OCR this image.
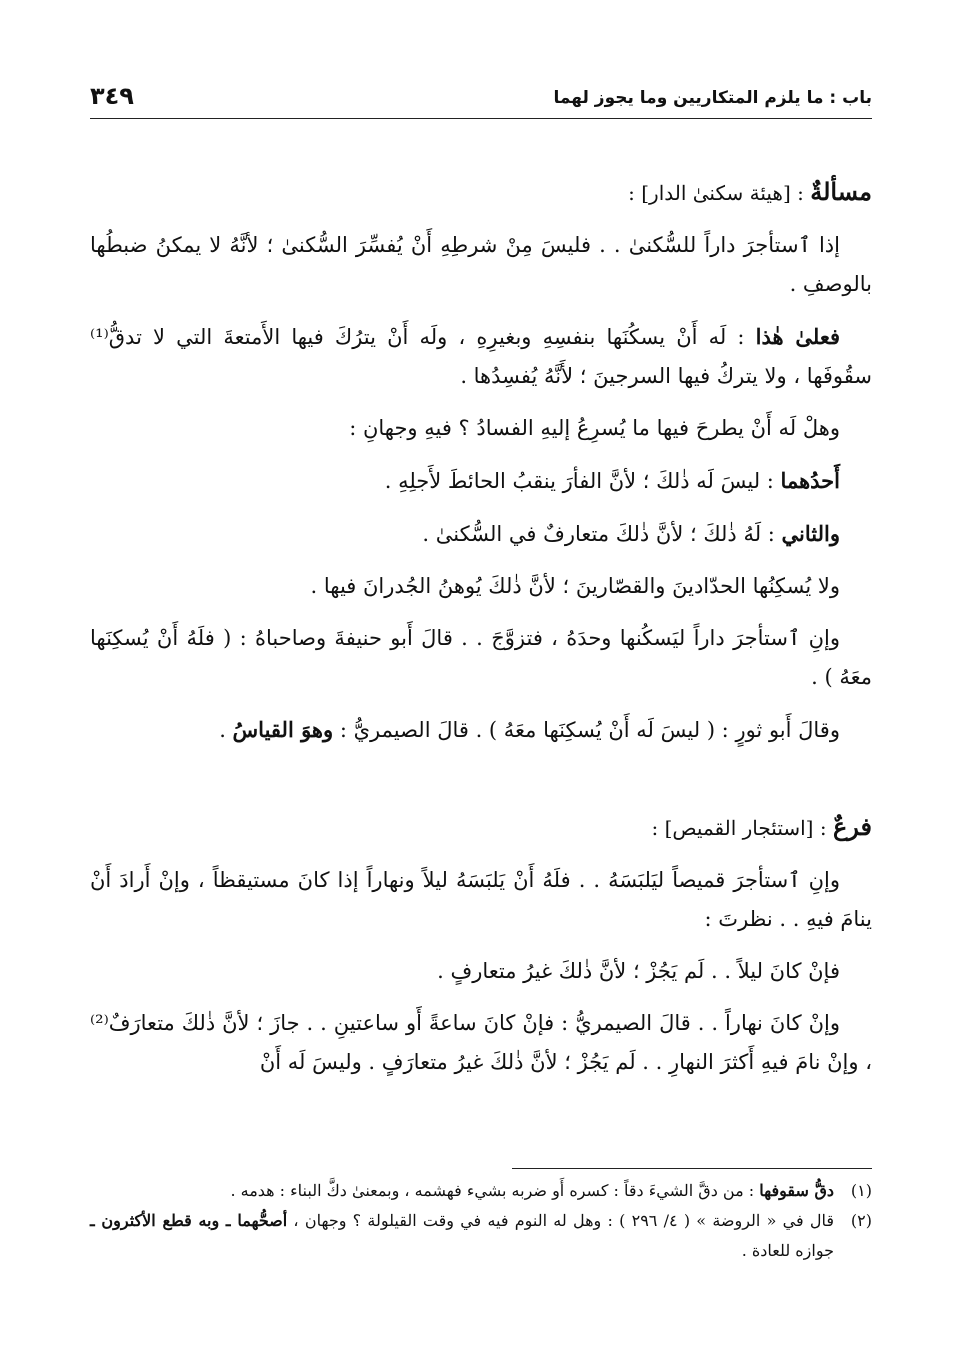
باب : ما يلزم المتكاريين وما يجوز لهما
٣٤٩
مسألةٌ : [هيئة سكنىٰ الدار] :

إذا ٱستأجرَ داراً للسُّكنىٰ . . فليسَ مِنْ شرطِهِ أَنْ يُفسِّرَ السُّكنىٰ ؛ لأنَّهُ لا يمكنُ ضبطُها بالوصفِ .

فعلىٰ هٰذا : لَه أَنْ يسكُنَها بنفسِهِ وبغيرِهِ ، ولَه أَنْ يترُكَ فيها الأَمتعةَ التي لا تدقُّ⁽¹⁾ سقُوفَها ، ولا يتركُ فيها السرجينَ ؛ لأَنَّهُ يُفسِدُها .

وهلْ لَه أَنْ يطرحَ فيها ما يُسرِعُ إليهِ الفسادُ ؟ فيهِ وجهانِ :

أَحدُهما : ليسَ لَه ذٰلكَ ؛ لأنَّ الفأرَ ينقبُ الحائطَ لأَجلِهِ .

والثاني : لَهُ ذٰلكَ ؛ لأنَّ ذٰلكَ متعارفٌ في السُّكنىٰ .

ولا يُسكِنُها الحدّادينَ والقصّارينَ ؛ لأنَّ ذٰلكَ يُوهنُ الجُدرانَ فيها .

وإنِ ٱستأجرَ داراً ليَسكُنها وحدَهُ ، فتزوَّجَ . . قالَ أَبو حنيفةَ وصاحباهُ : ( فلَهُ أَنْ يُسكِنَها معَهُ ) .

وقالَ أَبو ثورٍ : ( ليسَ لَه أَنْ يُسكِنَها معَهُ ) . قالَ الصيمريُّ : وهوَ القياسُ .

فرعٌ : [استئجار القميص] :

وإنِ ٱستأجرَ قميصاً ليَلبَسَهُ . . فلَهُ أَنْ يَلبَسَهُ ليلاً ونهاراً إذا كانَ مستيقظاً ، وإنْ أَرادَ أَنْ ينامَ فيهِ . . نظرتَ :

فإنْ كانَ ليلاً . . لَم يَجُزْ ؛ لأنَّ ذٰلكَ غيرُ متعارفٍ .

وإنْ كانَ نهاراً . . قالَ الصيمريُّ : فإنْ كانَ ساعةً أَو ساعتينِ . . جازَ ؛ لأنَّ ذٰلكَ متعارَفٌ⁽²⁾ ، وإنْ نامَ فيهِ أَكثرَ النهارِ . . لَم يَجُزْ ؛ لأنَّ ذٰلكَ غيرُ متعارَفٍ . وليسَ لَه أَنْ

(١)
دقُّ سقوفها : من دقَّ الشيءَ دقاً : كسره أَو ضربه بشيء فهشمه ، وبمعنىٰ دكَّ البناء : هدمه .
(٢)
قال في « الروضة » ( ٤/ ٢٩٦ ) : وهل له النوم فيه في وقت القيلولة ؟ وجهان ، أصحُّهما ـ وبه قطع الأكثرون ـ جوازه للعادة .
